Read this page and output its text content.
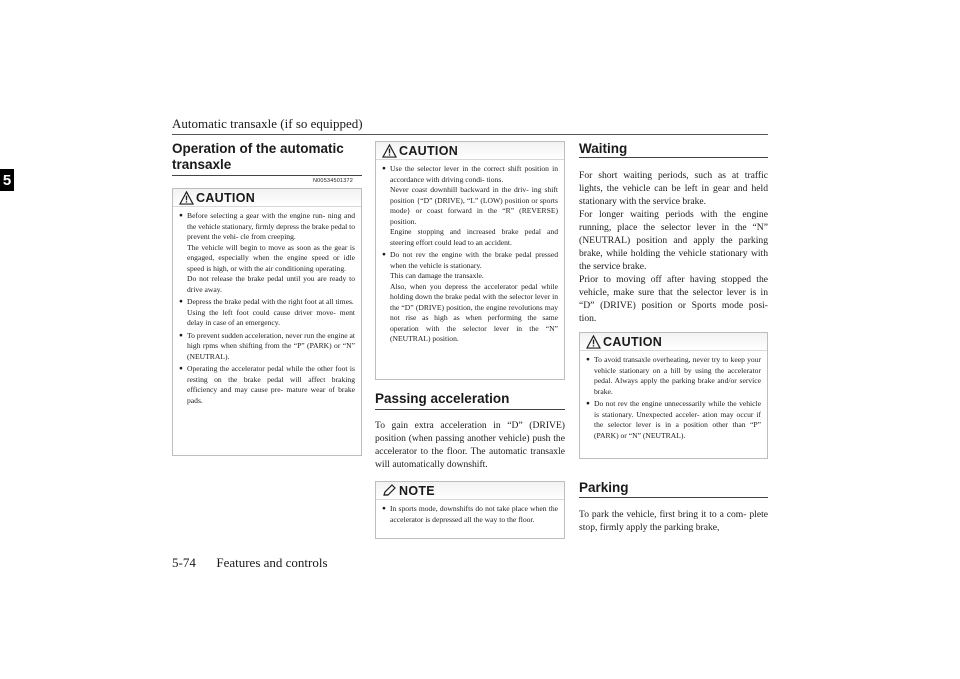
Automatic transaxle (if so equipped)
5
Operation of the automatic
transaxle
N00534501372
CAUTION
● Before selecting a gear with the engine run- ning and the vehicle stationary, firmly depress the brake pedal to prevent the vehi- cle from creeping.
The vehicle will begin to move as soon as the gear is engaged, especially when the engine speed or idle speed is high, or with the air conditioning operating.
Do not release the brake pedal until you are ready to drive away.
● Depress the brake pedal with the right foot at all times.
Using the left foot could cause driver move- ment delay in case of an emergency.
● To prevent sudden acceleration, never run the engine at high rpms when shifting from the “P” (PARK) or “N” (NEUTRAL).
● Operating the accelerator pedal while the other foot is resting on the brake pedal will affect braking efficiency and may cause pre- mature wear of brake pads.
CAUTION
● Use the selector lever in the correct shift position in accordance with driving condi- tions.
Never coast downhill backward in the driv- ing shift position {“D” (DRIVE), “L” (LOW) position or sports mode} or coast forward in the “R” (REVERSE) position.
Engine stopping and increased brake pedal and steering effort could lead to an accident.
● Do not rev the engine with the brake pedal pressed when the vehicle is stationary.
This can damage the transaxle.
Also, when you depress the accelerator pedal while holding down the brake pedal with the selector lever in the “D” (DRIVE) position, the engine revolutions may not rise as high as when performing the same operation with the selector lever in the “N” (NEUTRAL) position.
Passing acceleration

To gain extra acceleration in “D” (DRIVE) position (when passing another vehicle) push the accelerator to the floor. The automatic transaxle will automatically downshift.

NOTE
● In sports mode, downshifts do not take place when the accelerator is depressed all the way to the floor.
Waiting

For short waiting periods, such as at traffic lights, the vehicle can be left in gear and held stationary with the service brake.

For longer waiting periods with the engine running, place the selector lever in the “N” (NEUTRAL) position and apply the parking brake, while holding the vehicle stationary with the service brake.

Prior to moving off after having stopped the vehicle, make sure that the selector lever is in “D” (DRIVE) position or Sports mode posi- tion.

CAUTION
● To avoid transaxle overheating, never try to keep your vehicle stationary on a hill by using the accelerator pedal. Always apply the parking brake and/or service brake.
● Do not rev the engine unnecessarily while the vehicle is stationary. Unexpected acceler- ation may occur if the selector lever is in a position other than “P” (PARK) or “N” (NEUTRAL).
Parking

To park the vehicle, first bring it to a com- plete stop, firmly apply the parking brake,

5-74 Features and controls
